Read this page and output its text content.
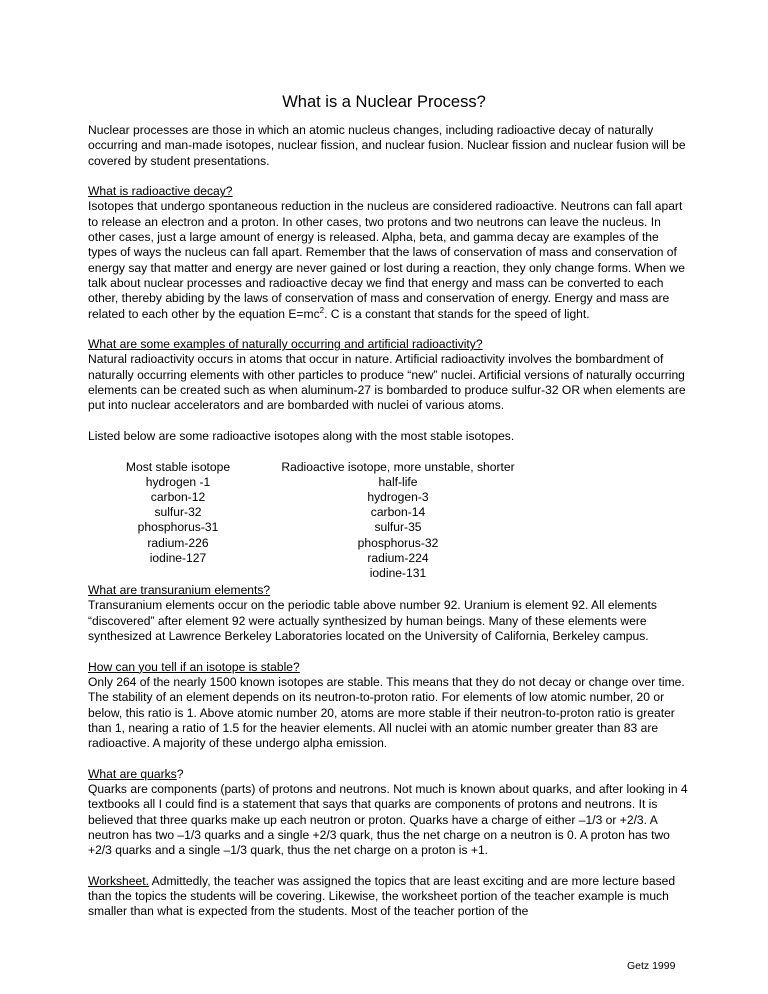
What is a Nuclear Process?

Nuclear processes are those in which an atomic nucleus changes, including radioactive decay of naturally occurring and man-made isotopes, nuclear fission, and nuclear fusion. Nuclear fission and nuclear fusion will be covered by student presentations.

What is radioactive decay?
Isotopes that undergo spontaneous reduction in the nucleus are considered radioactive. Neutrons can fall apart to release an electron and a proton. In other cases, two protons and two neutrons can leave the nucleus. In other cases, just a large amount of energy is released. Alpha, beta, and gamma decay are examples of the types of ways the nucleus can fall apart. Remember that the laws of conservation of mass and conservation of energy say that matter and energy are never gained or lost during a reaction, they only change forms. When we talk about nuclear processes and radioactive decay we find that energy and mass can be converted to each other, thereby abiding by the laws of conservation of mass and conservation of energy. Energy and mass are related to each other by the equation $E=mc^2$. C is a constant that stands for the speed of light.
What are some examples of naturally occurring and artificial radioactivity?
Natural radioactivity occurs in atoms that occur in nature. Artificial radioactivity involves the bombardment of naturally occurring elements with other particles to produce “new” nuclei. Artificial versions of naturally occurring elements can be created such as when aluminum-27 is bombarded to produce sulfur-32 OR when elements are put into nuclear accelerators and are bombarded with nuclei of various atoms.

Listed below are some radioactive isotopes along with the most stable isotopes.

Most stable isotope
hydrogen -1
carbon-12
sulfur-32
phosphorus-31
radium-226
iodine-127
Radioactive isotope, more unstable, shorter half-life
hydrogen-3
carbon-14
sulfur-35
phosphorus-32
radium-224
iodine-131
What are transuranium elements?
Transuranium elements occur on the periodic table above number 92. Uranium is element 92. All elements “discovered” after element 92 were actually synthesized by human beings. Many of these elements were synthesized at Lawrence Berkeley Laboratories located on the University of California, Berkeley campus.
How can you tell if an isotope is stable?
Only 264 of the nearly 1500 known isotopes are stable. This means that they do not decay or change over time. The stability of an element depends on its neutron-to-proton ratio. For elements of low atomic number, 20 or below, this ratio is 1. Above atomic number 20, atoms are more stable if their neutron-to-proton ratio is greater than 1, nearing a ratio of 1.5 for the heavier elements. All nuclei with an atomic number greater than 83 are radioactive. A majority of these undergo alpha emission.
What are quarks?
Quarks are components (parts) of protons and neutrons. Not much is known about quarks, and after looking in 4 textbooks all I could find is a statement that says that quarks are components of protons and neutrons. It is believed that three quarks make up each neutron or proton. Quarks have a charge of either –1/3 or +2/3. A neutron has two –1/3 quarks and a single +2/3 quark, thus the net charge on a neutron is 0. A proton has two +2/3 quarks and a single –1/3 quark, thus the net charge on a proton is +1.
Worksheet. Admittedly, the teacher was assigned the topics that are least exciting and are more lecture based than the topics the students will be covering. Likewise, the worksheet portion of the teacher example is much smaller than what is expected from the students. Most of the teacher portion of the
Getz 1999
